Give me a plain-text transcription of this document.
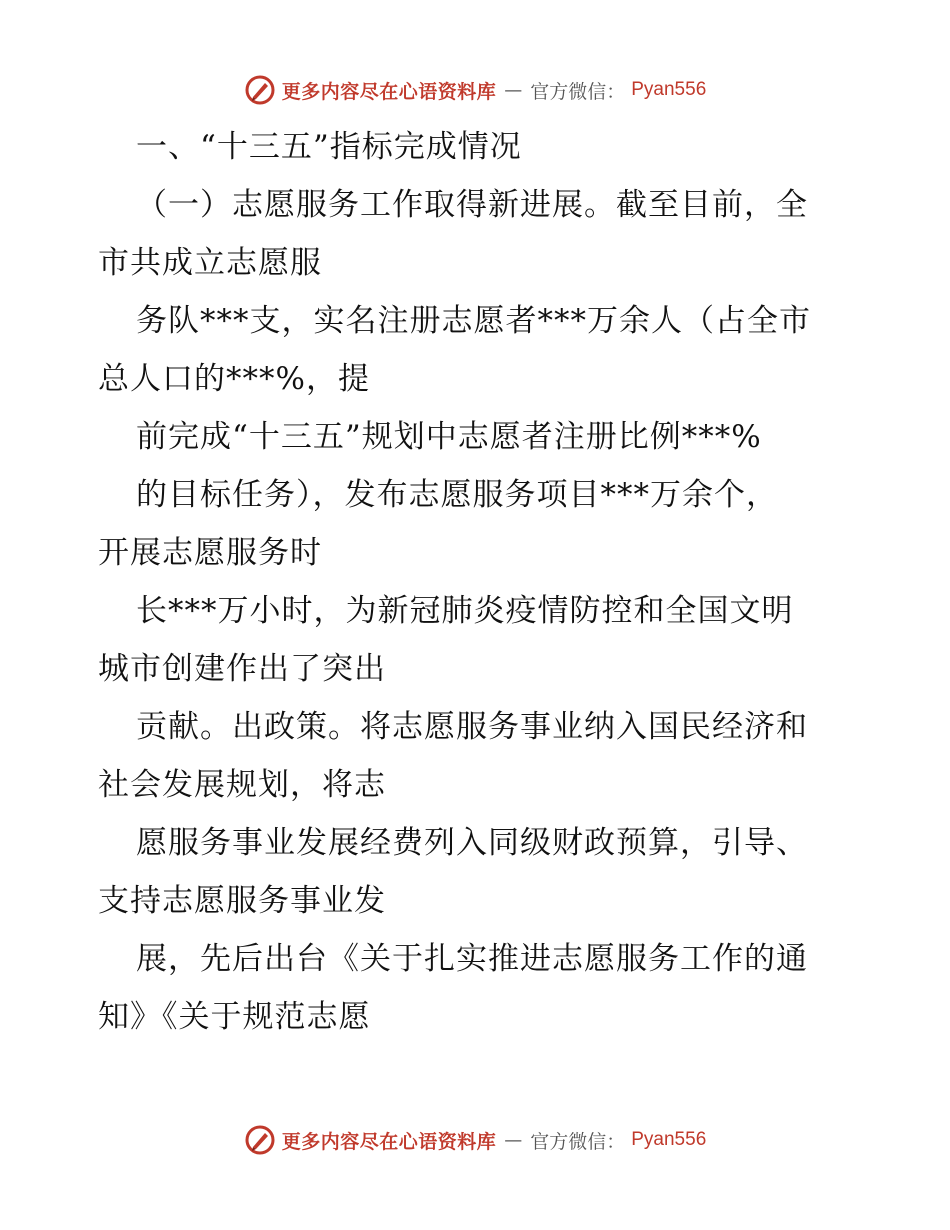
更多内容尽在心语资料库 — 官方微信： Pyan556
一、“十三五”指标完成情况
（一）志愿服务工作取得新进展。截至目前，全
市共成立志愿服
务队***支，实名注册志愿者***万余人（占全市
总人口的***%，提
前完成“十三五”规划中志愿者注册比例***%
的目标任务），发布志愿服务项目***万余个，
开展志愿服务时
长***万小时，为新冠肺炎疫情防控和全国文明
城市创建作出了突出
贡献。出政策。将志愿服务事业纳入国民经济和
社会发展规划，将志
愿服务事业发展经费列入同级财政预算，引导、
支持志愿服务事业发
展，先后出台《关于扎实推进志愿服务工作的通
知》《关于规范志愿
更多内容尽在心语资料库 — 官方微信： Pyan556
